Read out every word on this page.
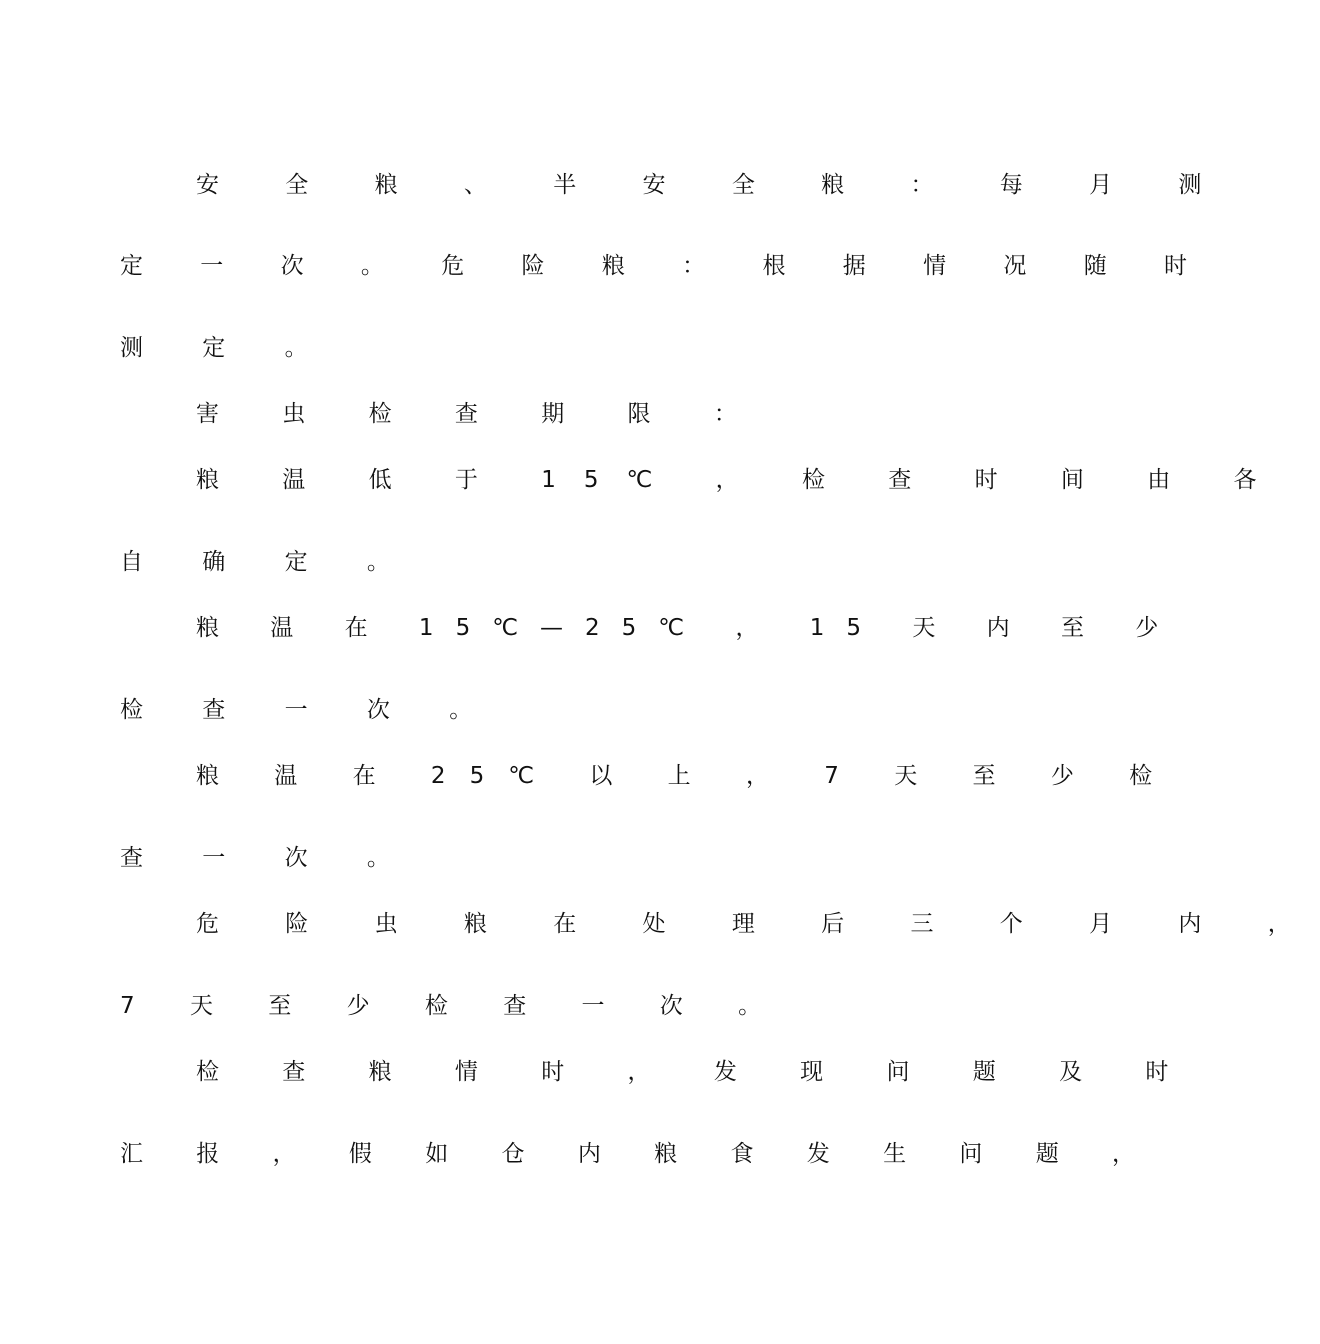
安 全 粮 、 半 安 全 粮 ： 每 月 测

定 一 次 。 危 险 粮 ： 根 据 情 况 随 时

测 定 。

害 虫 检 查 期 限 ：

粮 温 低 于 15℃ ， 检 查 时 间 由 各

自 确 定 。

粮 温 在 15℃—25℃ ， 15 天 内 至 少

检 查 一 次 。

粮 温 在 25℃ 以 上 ， 7 天 至 少 检

查 一 次 。

危 险 虫 粮 在 处 理 后 三 个 月 内 ，

7 天 至 少 检 查 一 次 。

检 查 粮 情 时 ， 发 现 问 题 及 时

汇 报 ， 假 如 仓 内 粮 食 发 生 问 题 ，
